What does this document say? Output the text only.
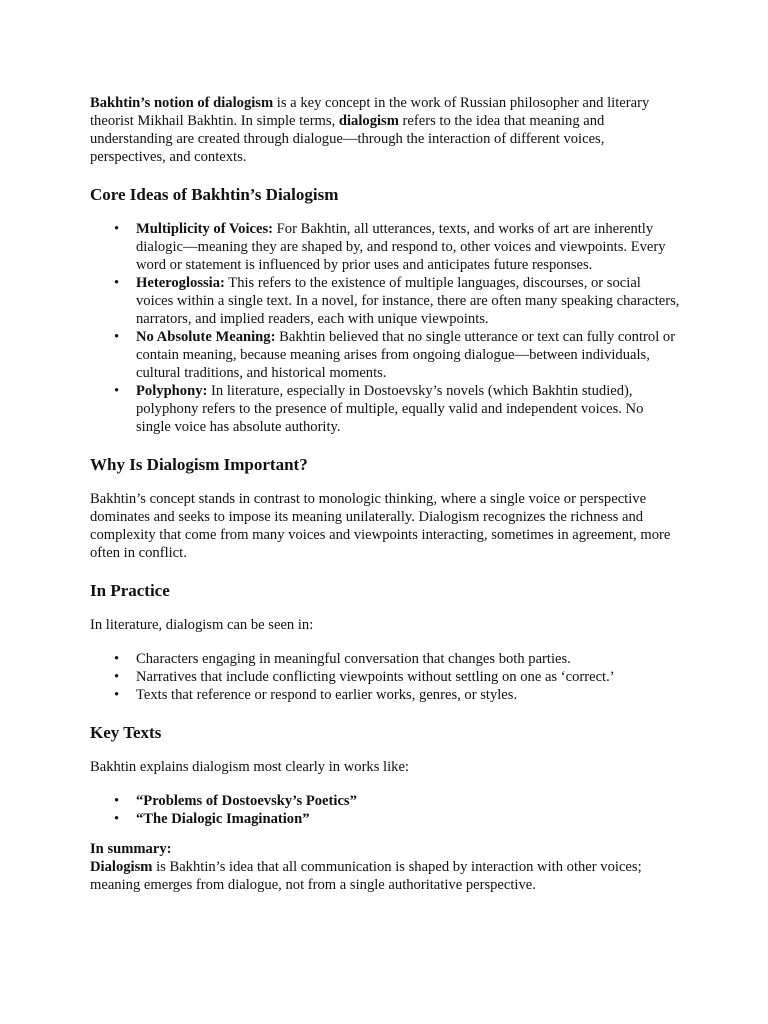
Bakhtin’s notion of dialogism is a key concept in the work of Russian philosopher and literary theorist Mikhail Bakhtin. In simple terms, dialogism refers to the idea that meaning and understanding are created through dialogue—through the interaction of different voices, perspectives, and contexts.

Core Ideas of Bakhtin’s Dialogism
• Multiplicity of Voices: For Bakhtin, all utterances, texts, and works of art are inherently dialogic—meaning they are shaped by, and respond to, other voices and viewpoints. Every word or statement is influenced by prior uses and anticipates future responses.
• Heteroglossia: This refers to the existence of multiple languages, discourses, or social voices within a single text. In a novel, for instance, there are often many speaking characters, narrators, and implied readers, each with unique viewpoints.
• No Absolute Meaning: Bakhtin believed that no single utterance or text can fully control or contain meaning, because meaning arises from ongoing dialogue—between individuals, cultural traditions, and historical moments.
• Polyphony: In literature, especially in Dostoevsky’s novels (which Bakhtin studied), polyphony refers to the presence of multiple, equally valid and independent voices. No single voice has absolute authority.
Why Is Dialogism Important?

Bakhtin’s concept stands in contrast to monologic thinking, where a single voice or perspective dominates and seeks to impose its meaning unilaterally. Dialogism recognizes the richness and complexity that come from many voices and viewpoints interacting, sometimes in agreement, more often in conflict.

In Practice

In literature, dialogism can be seen in:

• Characters engaging in meaningful conversation that changes both parties.
• Narratives that include conflicting viewpoints without settling on one as ‘correct.’
• Texts that reference or respond to earlier works, genres, or styles.
Key Texts

Bakhtin explains dialogism most clearly in works like:

• “Problems of Dostoevsky’s Poetics”
• “The Dialogic Imagination”

In summary:

Dialogism is Bakhtin’s idea that all communication is shaped by interaction with other voices; meaning emerges from dialogue, not from a single authoritative perspective.
